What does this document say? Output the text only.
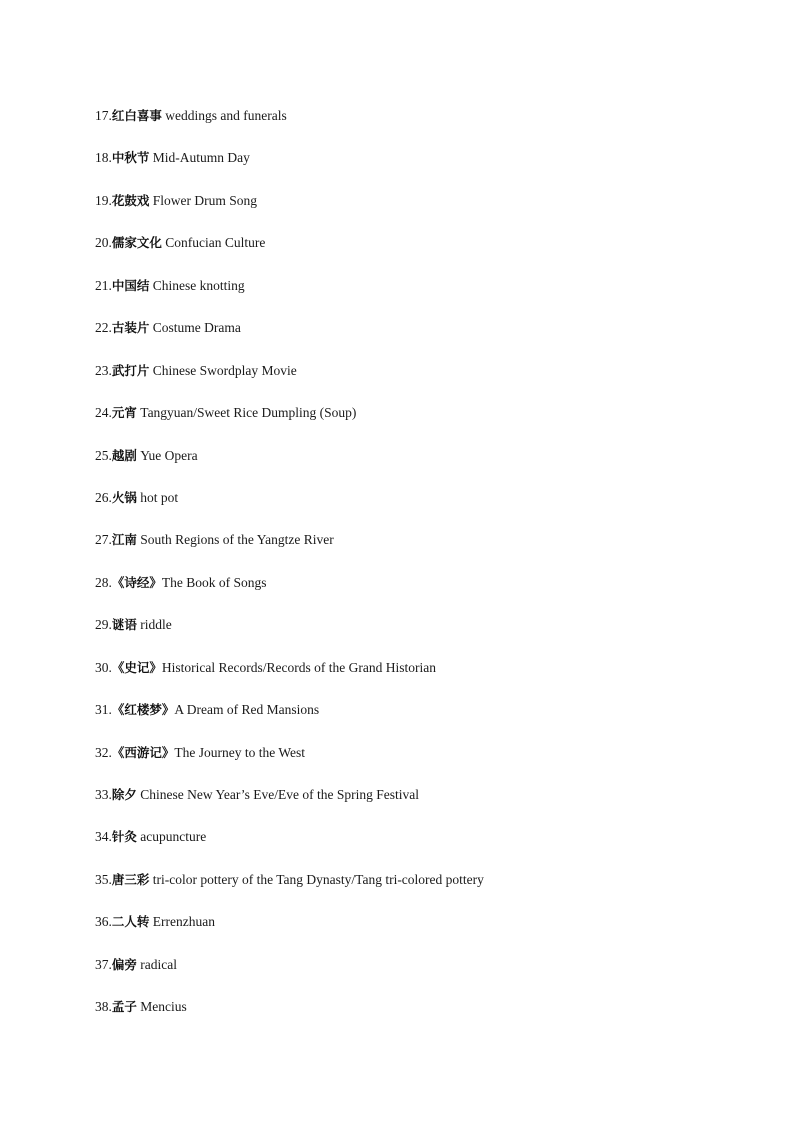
17.红白喜事 weddings and funerals
18.中秋节 Mid-Autumn Day
19.花鼓戏 Flower Drum Song
20.儒家文化 Confucian Culture
21.中国结 Chinese knotting
22.古装片 Costume Drama
23.武打片 Chinese Swordplay Movie
24.元宵 Tangyuan/Sweet Rice Dumpling (Soup)
25.越剧 Yue Opera
26.火锅 hot pot
27.江南 South Regions of the Yangtze River
28.《诗经》The Book of Songs
29.谜语 riddle
30.《史记》Historical Records/Records of the Grand Historian
31.《红楼梦》A Dream of Red Mansions
32.《西游记》The Journey to the West
33.除夕 Chinese New Year’s Eve/Eve of the Spring Festival
34.针灸 acupuncture
35.唐三彩 tri-color pottery of the Tang Dynasty/Tang tri-colored pottery
36.二人转 Errenzhuan
37.偏旁 radical
38.孟子 Mencius
